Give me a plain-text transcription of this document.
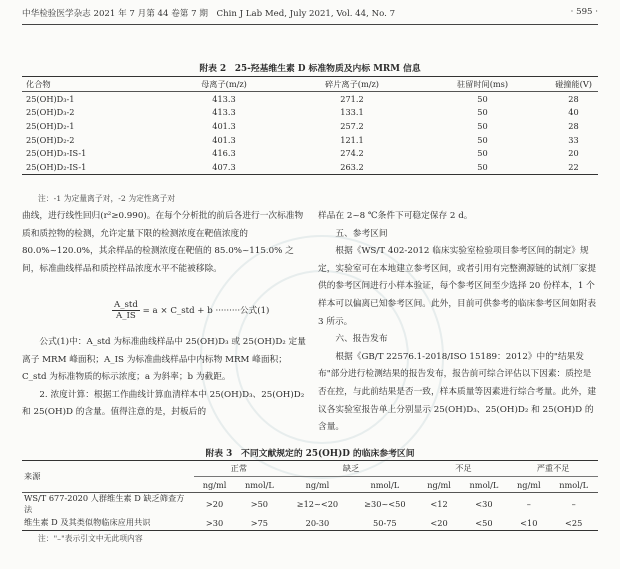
中华检验医学杂志 2021 年 7 月第 44 卷第 7 期　Chin J Lab Med, July 2021, Vol. 44, No. 7	· 595 ·
附表 2　25-羟基维生素 D 标准物质及内标 MRM 信息
化合物	母离子(m/z)	碎片离子(m/z)	驻留时间(ms)	碰撞能(V)
25(OH)D₃-1	413.3	271.2	50	28
25(OH)D₃-2	413.3	133.1	50	40
25(OH)D₂-1	401.3	257.2	50	28
25(OH)D₂-2	401.3	121.1	50	33
25(OH)D₃-IS-1	416.3	274.2	50	20
25(OH)D₂-IS-1	407.3	263.2	50	22
注：-1 为定量离子对，-2 为定性离子对

曲线，进行线性回归(r²≥0.990)。在每个分析批的前后各进行一次标准物质和质控物的检测，允许定量下限的检测浓度在靶值浓度的 80.0%~120.0%，其余样品的检测浓度在靶值的 85.0%~115.0% 之间，标准曲线样品和质控样品浓度水平不能被移除。

$\frac{\text{A\_std}}{A\_IS} = a$ × C_std + b ·········公式(1)

公式(1)中：A_std 为标准曲线样品中 25(OH)D₃ 或 25(OH)D₂ 定量离子 MRM 峰面积；A_IS 为标准曲线样品中内标物 MRM 峰面积；C_std 为标准物质的标示浓度；a 为斜率；b 为截距。

2. 浓度计算：根据工作曲线计算血清样本中 25(OH)D₃、25(OH)D₂ 和 25(OH)D 的含量。值得注意的是，封板后的

样品在 2~8 ℃条件下可稳定保存 2 d。

五、参考区间

根据《WS/T 402-2012 临床实验室检验项目参考区间的制定》规定，实验室可在本地建立参考区间，或者引用有完整溯源链的试剂厂家提供的参考区间进行小样本验证，每个参考区间至少选择 20 份样本，1 个样本可以偏离已知参考区间。此外，目前可供参考的临床参考区间如附表 3 所示。

六、报告发布

根据《GB/T 22576.1-2018/ISO 15189：2012》中的"结果发布"部分进行检测结果的报告发布，报告前可综合评估以下因素：质控是否在控，与此前结果是否一致，样本质量等因素进行综合考量。此外，建议各实验室报告单上分别显示 25(OH)D₃、25(OH)D₂ 和 25(OH)D 的含量。

附表 3　不同文献规定的 25(OH)D 的临床参考区间
来源	正常		缺乏		不足		严重不足	
	ng/ml	nmol/L	ng/ml	nmol/L	ng/ml	nmol/L	ng/ml	nmol/L
WS/T 677-2020 人群维生素 D 缺乏筛查方法	>20	>50	≥12~<20	≥30~<50	<12	<30	–	–
维生素 D 及其类似物临床应用共识	>30	>75	20-30	50-75	<20	<50	<10	<25
注："–"表示引文中无此项内容
